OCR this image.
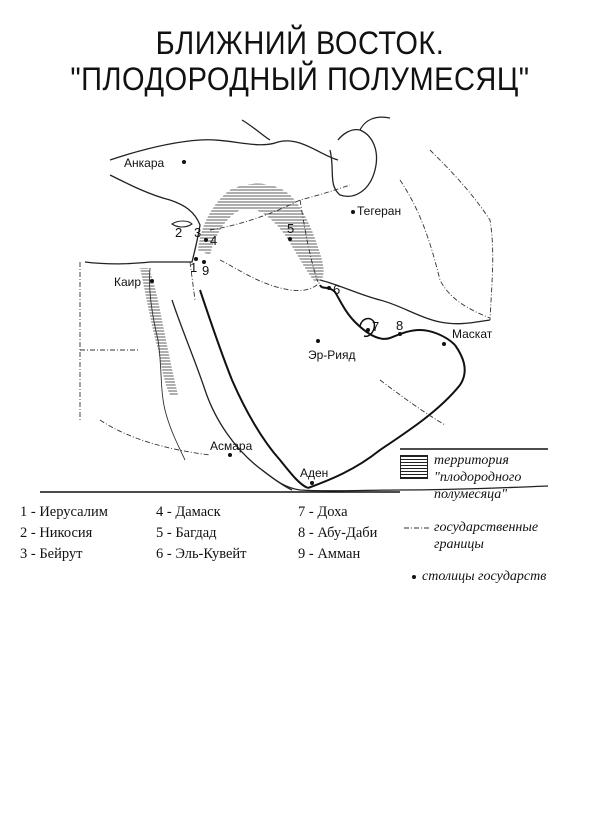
БЛИЖНИЙ ВОСТОК.
"ПЛОДОРОДНЫЙ ПОЛУМЕСЯЦ"
Анкара
Тегеран
Каир
Эр-Рияд
Маскат
Асмара
Аден
1
2 3
4
5
6
7 8
9
1 - Иерусалим
2 - Никосия
3 - Бейрут
4 - Дамаск
5 - Багдад
6 - Эль-Кувейт
7 - Доха
8 - Абу-Даби
9 - Амман
территория "плодородного полумесяца"
государственные границы
столицы государств
